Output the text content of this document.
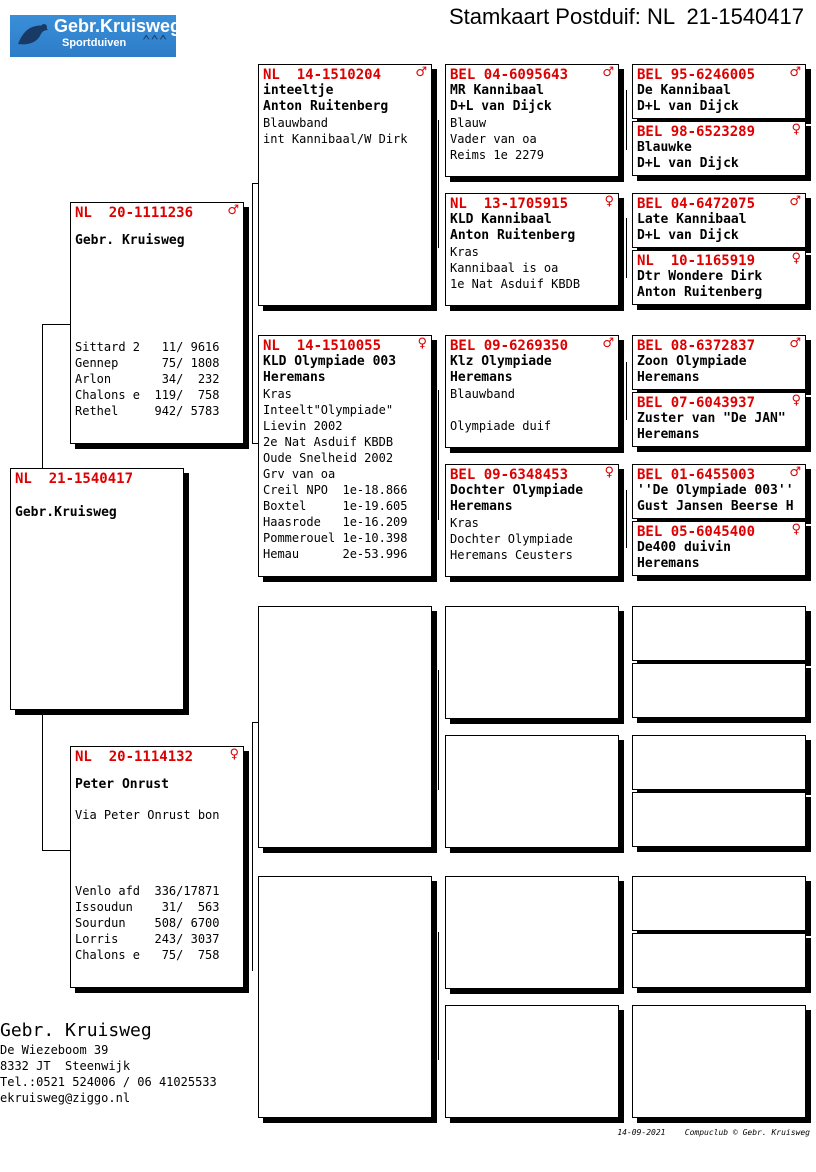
Gebr.Kruisweg
Sportduiven ⌃⌃⌃
Stamkaart Postduif: NL  21-1540417
NL  21-1540417
Gebr.Kruisweg
♂
NL  20-1111236
Gebr. Kruisweg
Sittard 2   11/ 9616
Gennep      75/ 1808
Arlon       34/  232
Chalons e  119/  758
Rethel     942/ 5783
♀
NL  20-1114132
Peter Onrust
Via Peter Onrust bon
Venlo afd  336/17871
Issoudun    31/  563
Sourdun    508/ 6700
Lorris     243/ 3037
Chalons e   75/  758
♂
NL  14-1510204
inteeltje
Anton Ruitenberg
Blauwband
int Kannibaal/W Dirk
♀
NL  14-1510055
KLD Olympiade 003
Heremans
Kras
Inteelt"Olympiade"
Lievin 2002
2e Nat Asduif KBDB
Oude Snelheid 2002
Grv van oa
Creil NPO  1e-18.866
Boxtel     1e-19.605
Haasrode   1e-16.209
Pommerouel 1e-10.398
Hemau      2e-53.996
♂
BEL 04-6095643
MR Kannibaal
D+L van Dijck
Blauw
Vader van oa
Reims 1e 2279
♀
NL  13-1705915
KLD Kannibaal
Anton Ruitenberg
Kras
Kannibaal is oa
1e Nat Asduif KBDB
♂
BEL 09-6269350
Klz Olympiade
Heremans
Blauwband
Olympiade duif
♀
BEL 09-6348453
Dochter Olympiade
Heremans
Kras
Dochter Olympiade
Heremans Ceusters
♂
BEL 95-6246005
De Kannibaal
D+L van Dijck
♀
BEL 98-6523289
Blauwke
D+L van Dijck
♂
BEL 04-6472075
Late Kannibaal
D+L van Dijck
♀
NL  10-1165919
Dtr Wondere Dirk
Anton Ruitenberg
♂
BEL 08-6372837
Zoon Olympiade
Heremans
♀
BEL 07-6043937
Zuster van "De JAN"
Heremans
♂
BEL 01-6455003
''De Olympiade 003''
Gust Jansen Beerse H
♀
BEL 05-6045400
De400 duivin
Heremans
Gebr. Kruisweg
De Wiezeboom 39
8332 JT  Steenwijk
Tel.:0521 524006 / 06 41025533
ekruisweg@ziggo.nl
14-09-2021 Compuclub © Gebr. Kruisweg
